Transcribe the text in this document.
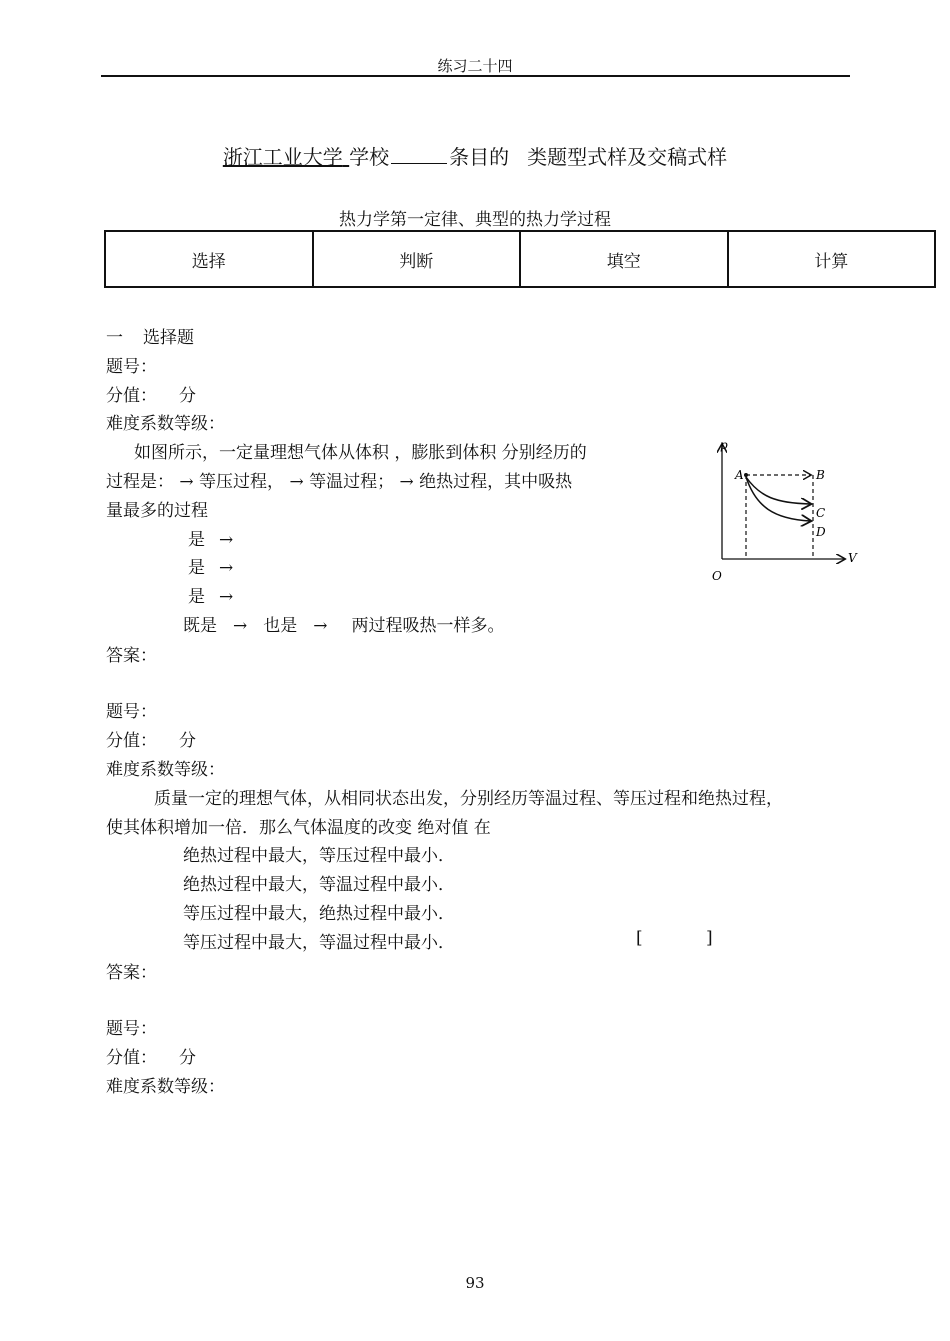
练习二十四
浙江工业大学 学校	条目的 类题型式样及交稿式样
热力学第一定律、典型的热力学过程
选择	判断	填空	计算
一 选择题
题号：
分值： 分
难度系数等级：
如图所示，一定量理想气体从体积 ，膨胀到体积 分别经历的
过程是： → 等压过程， → 等温过程； → 绝热过程，其中吸热
量最多的过程
是 →
是 →
是 →
既是 → 也是 → 两过程吸热一样多。
答案：
p
V
O
A	B
C
D
题号：
分值： 分
难度系数等级：
质量一定的理想气体，从相同状态出发，分别经历等温过程、等压过程和绝热过程，
使其体积增加一倍．那么气体温度的改变 绝对值 在
绝热过程中最大，等压过程中最小．
绝热过程中最大，等温过程中最小．
等压过程中最大，绝热过程中最小．
等压过程中最大，等温过程中最小．	[	]
答案：
题号：
分值： 分
难度系数等级：
93
